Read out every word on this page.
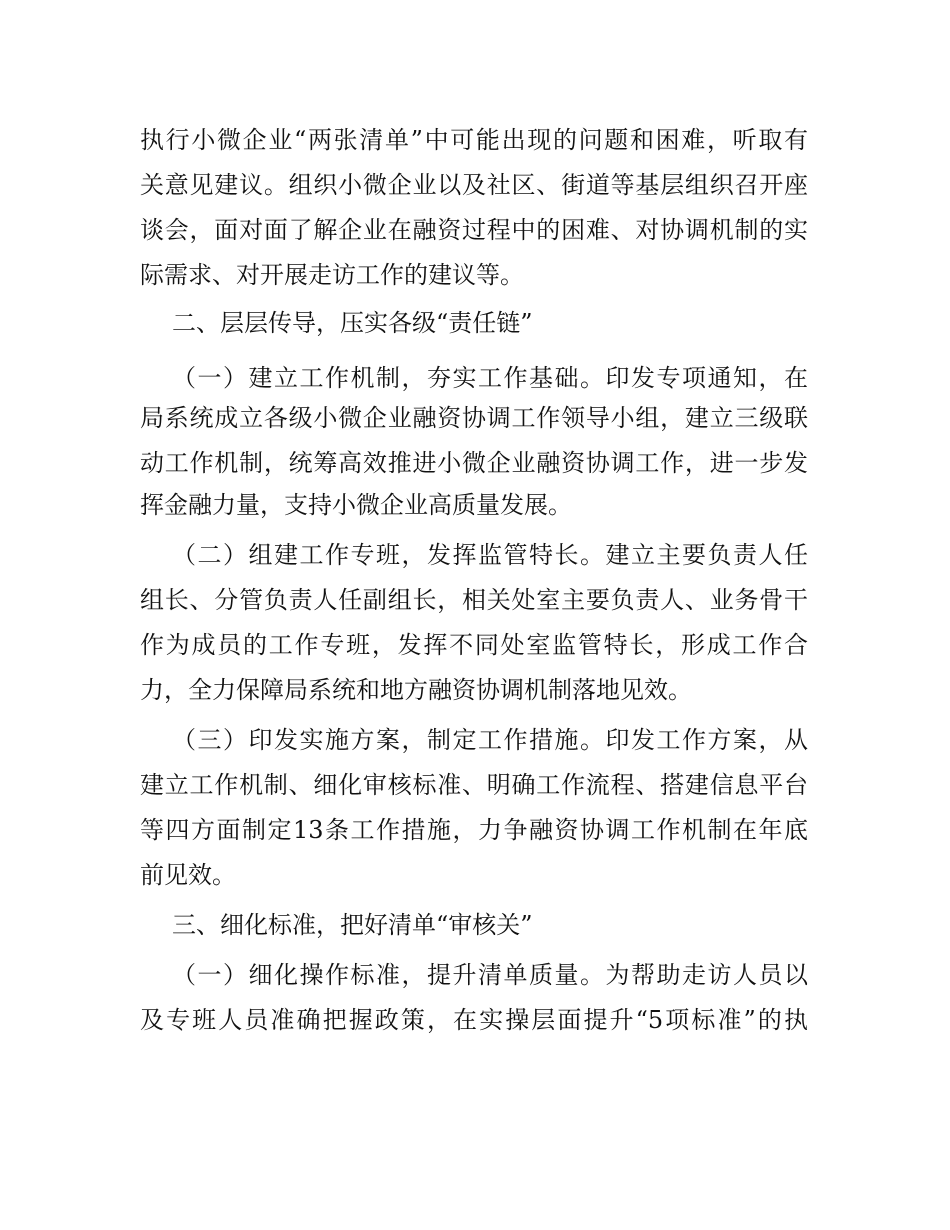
执行小微企业“两张清单”中可能出现的问题和困难，听取有
关意见建议。组织小微企业以及社区、街道等基层组织召开座
谈会，面对面了解企业在融资过程中的困难、对协调机制的实
际需求、对开展走访工作的建议等。
二、层层传导，压实各级“责任链”
（一）建立工作机制，夯实工作基础。印发专项通知，在
局系统成立各级小微企业融资协调工作领导小组，建立三级联
动工作机制，统筹高效推进小微企业融资协调工作，进一步发
挥金融力量，支持小微企业高质量发展。
（二）组建工作专班，发挥监管特长。建立主要负责人任
组长、分管负责人任副组长，相关处室主要负责人、业务骨干
作为成员的工作专班，发挥不同处室监管特长，形成工作合
力，全力保障局系统和地方融资协调机制落地见效。
（三）印发实施方案，制定工作措施。印发工作方案，从
建立工作机制、细化审核标准、明确工作流程、搭建信息平台
等四方面制定13条工作措施，力争融资协调工作机制在年底
前见效。
三、细化标准，把好清单“审核关”
（一）细化操作标准，提升清单质量。为帮助走访人员以
及专班人员准确把握政策，在实操层面提升“5项标准”的执
